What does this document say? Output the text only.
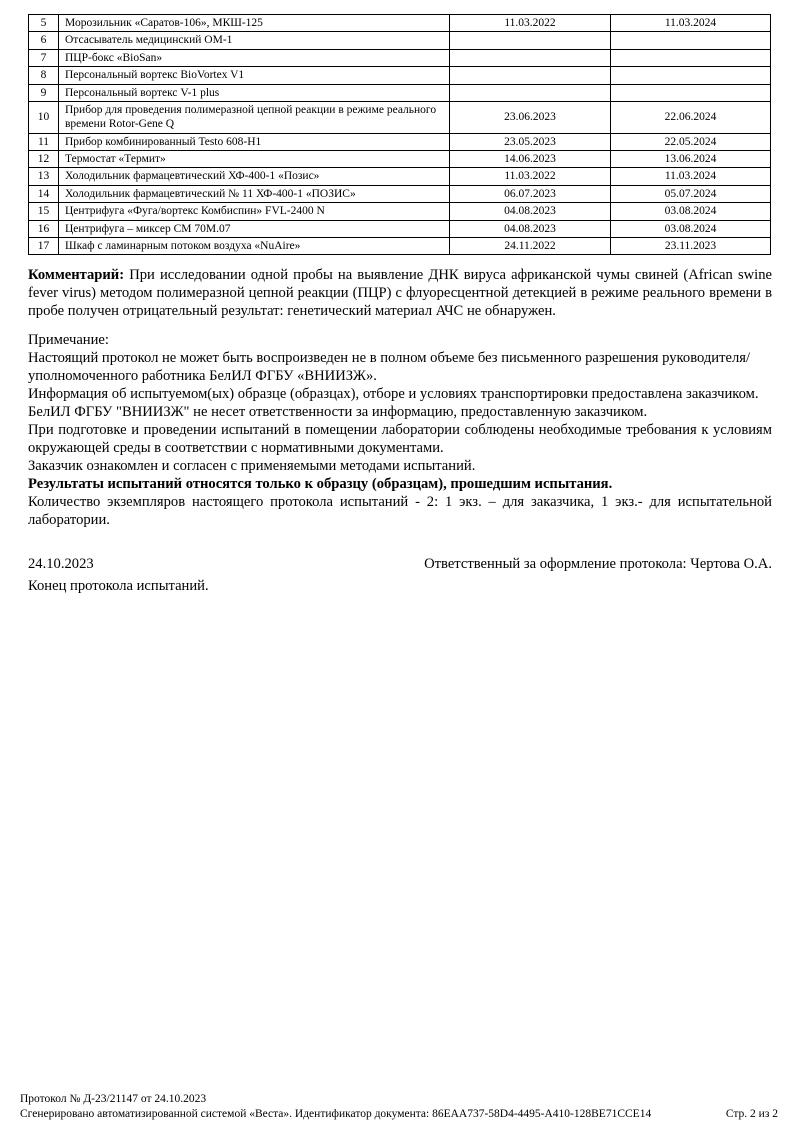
5	Морозильник «Саратов-106», МКШ-125	11.03.2022	11.03.2024
6	Отсасыватель медицинский ОМ-1		
7	ПЦР-бокс «BioSan»		
8	Персональный вортекс BioVortex V1		
9	Персональный вортекс V-1 plus		
10	Прибор для проведения полимеразной цепной реакции в режиме реального времени Rotor-Gene Q	23.06.2023	22.06.2024
11	Прибор комбинированный Testo 608-H1	23.05.2023	22.05.2024
12	Термостат «Термит»	14.06.2023	13.06.2024
13	Холодильник фармацевтический ХФ-400-1 «Позис»	11.03.2022	11.03.2024
14	Холодильник фармацевтический № 11 ХФ-400-1 «ПОЗИС»	06.07.2023	05.07.2024
15	Центрифуга «Фуга/вортекс Комбиспин» FVL-2400 N	04.08.2023	03.08.2024
16	Центрифуга – миксер СМ 70М.07	04.08.2023	03.08.2024
17	Шкаф с ламинарным потоком воздуха «NuAire»	24.11.2022	23.11.2023

Комментарий: При исследовании одной пробы на выявление ДНК вируса африканской чумы свиней (African swine fever virus) методом полимеразной цепной реакции (ПЦР) с флуоресцентной детекцией в режиме реального времени в пробе получен отрицательный результат: генетический материал АЧС не обнаружен.

Примечание:
Настоящий протокол не может быть воспроизведен не в полном объеме без письменного разрешения руководителя/уполномоченного работника БелИЛ ФГБУ «ВНИИЗЖ».
Информация об испытуемом(ых) образце (образцах), отборе и условиях транспортировки предоставлена заказчиком.
БелИЛ ФГБУ "ВНИИЗЖ" не несет ответственности за информацию, предоставленную заказчиком.
При подготовке и проведении испытаний в помещении лаборатории соблюдены необходимые требования к условиям окружающей среды в соответствии с нормативными документами.
Заказчик ознакомлен и согласен с применяемыми методами испытаний.
Результаты испытаний относятся только к образцу (образцам), прошедшим испытания.
Количество экземпляров настоящего протокола испытаний - 2: 1 экз. – для заказчика, 1 экз.- для испытательной лаборатории.
24.10.2023	Ответственный за оформление протокола: Чертова О.А.
Конец протокола испытаний.
Протокол № Д-23/21147 от 24.10.2023
Сгенерировано автоматизированной системой «Веста». Идентификатор документа: 86EAA737-58D4-4495-A410-128BE71CCE14	Стр. 2 из 2
